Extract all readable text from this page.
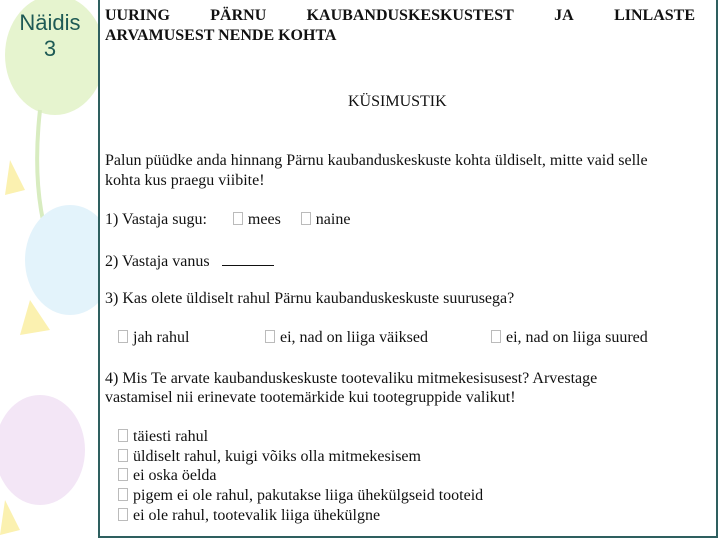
Näidis
3
UURING	PÄRNU	KAUBANDUSKESKUSTEST	JA	LINLASTE
ARVAMUSEST NENDE KOHTA
KÜSIMUSTIK
Palun püüdke anda hinnang Pärnu kaubanduskeskuste kohta üldiselt, mitte vaid selle
kohta kus praegu viibite!
1) Vastaja sugu:	mees naine
2) Vastaja vanus
3) Kas olete üldiselt rahul Pärnu kaubanduskeskuste suurusega?
jah rahul	ei, nad on liiga väiksed	ei, nad on liiga suured
4) Mis Te arvate kaubanduskeskuste tootevaliku mitmekesisusest? Arvestage
vastamisel nii erinevate tootemärkide kui tootegruppide valikut!
täiesti rahul
üldiselt rahul, kuigi võiks olla mitmekesisem
ei oska öelda
pigem ei ole rahul, pakutakse liiga ühekülgseid tooteid
ei ole rahul, tootevalik liiga ühekülgne
